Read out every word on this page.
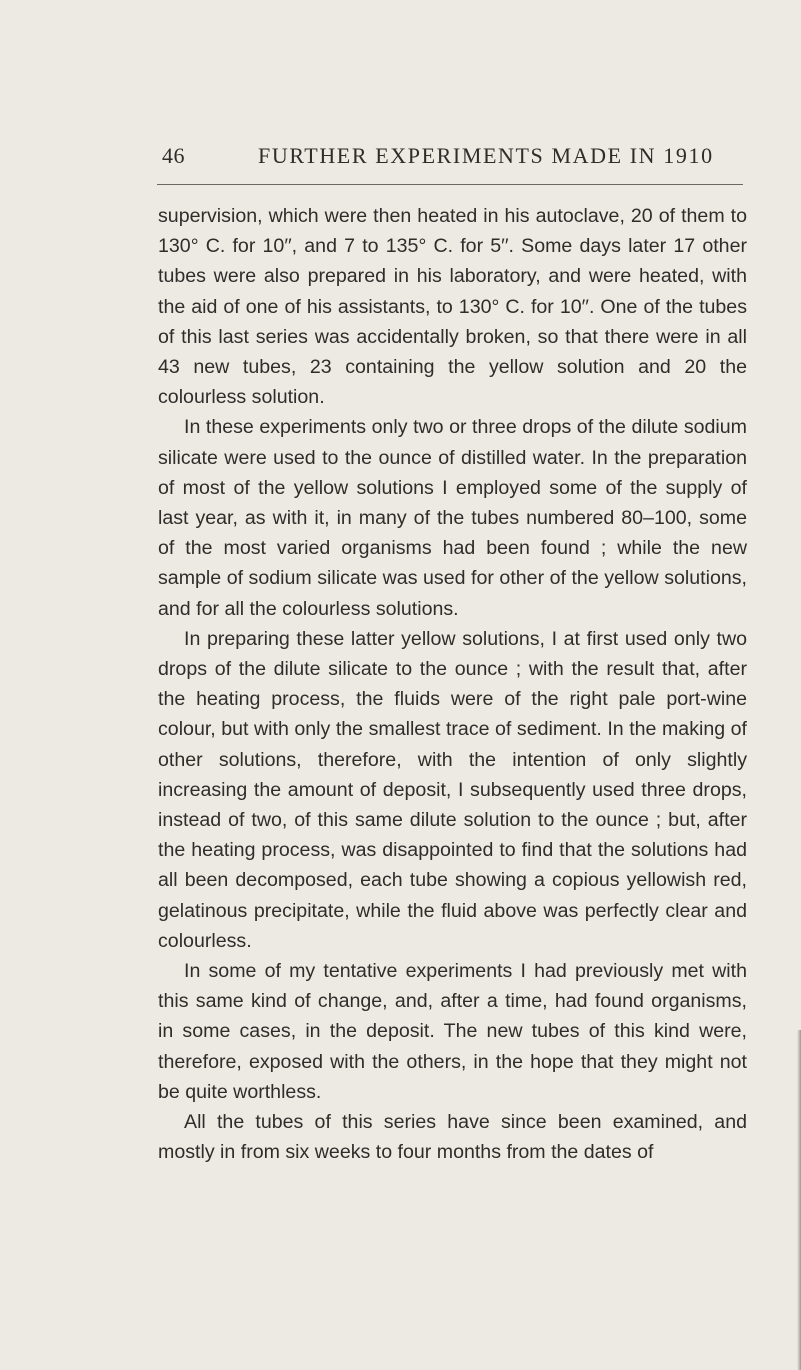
46	FURTHER EXPERIMENTS MADE IN 1910

supervision, which were then heated in his autoclave, 20 of them to 130° C. for 10′′, and 7 to 135° C. for 5′′. Some days later 17 other tubes were also prepared in his laboratory, and were heated, with the aid of one of his assistants, to 130° C. for 10′′. One of the tubes of this last series was accidentally broken, so that there were in all 43 new tubes, 23 containing the yellow solution and 20 the colourless solution.

In these experiments only two or three drops of the dilute sodium silicate were used to the ounce of distilled water. In the preparation of most of the yellow solutions I employed some of the supply of last year, as with it, in many of the tubes numbered 80–100, some of the most varied organisms had been found ; while the new sample of sodium silicate was used for other of the yellow solutions, and for all the colourless solutions.

In preparing these latter yellow solutions, I at first used only two drops of the dilute silicate to the ounce ; with the result that, after the heating process, the fluids were of the right pale port-wine colour, but with only the smallest trace of sediment. In the making of other solutions, therefore, with the intention of only slightly increasing the amount of deposit, I subsequently used three drops, instead of two, of this same dilute solution to the ounce ; but, after the heating process, was disappointed to find that the solutions had all been decomposed, each tube showing a copious yellowish red, gelatinous precipitate, while the fluid above was perfectly clear and colourless.

In some of my tentative experiments I had previously met with this same kind of change, and, after a time, had found organisms, in some cases, in the deposit. The new tubes of this kind were, therefore, exposed with the others, in the hope that they might not be quite worthless.

All the tubes of this series have since been examined, and mostly in from six weeks to four months from the dates of
